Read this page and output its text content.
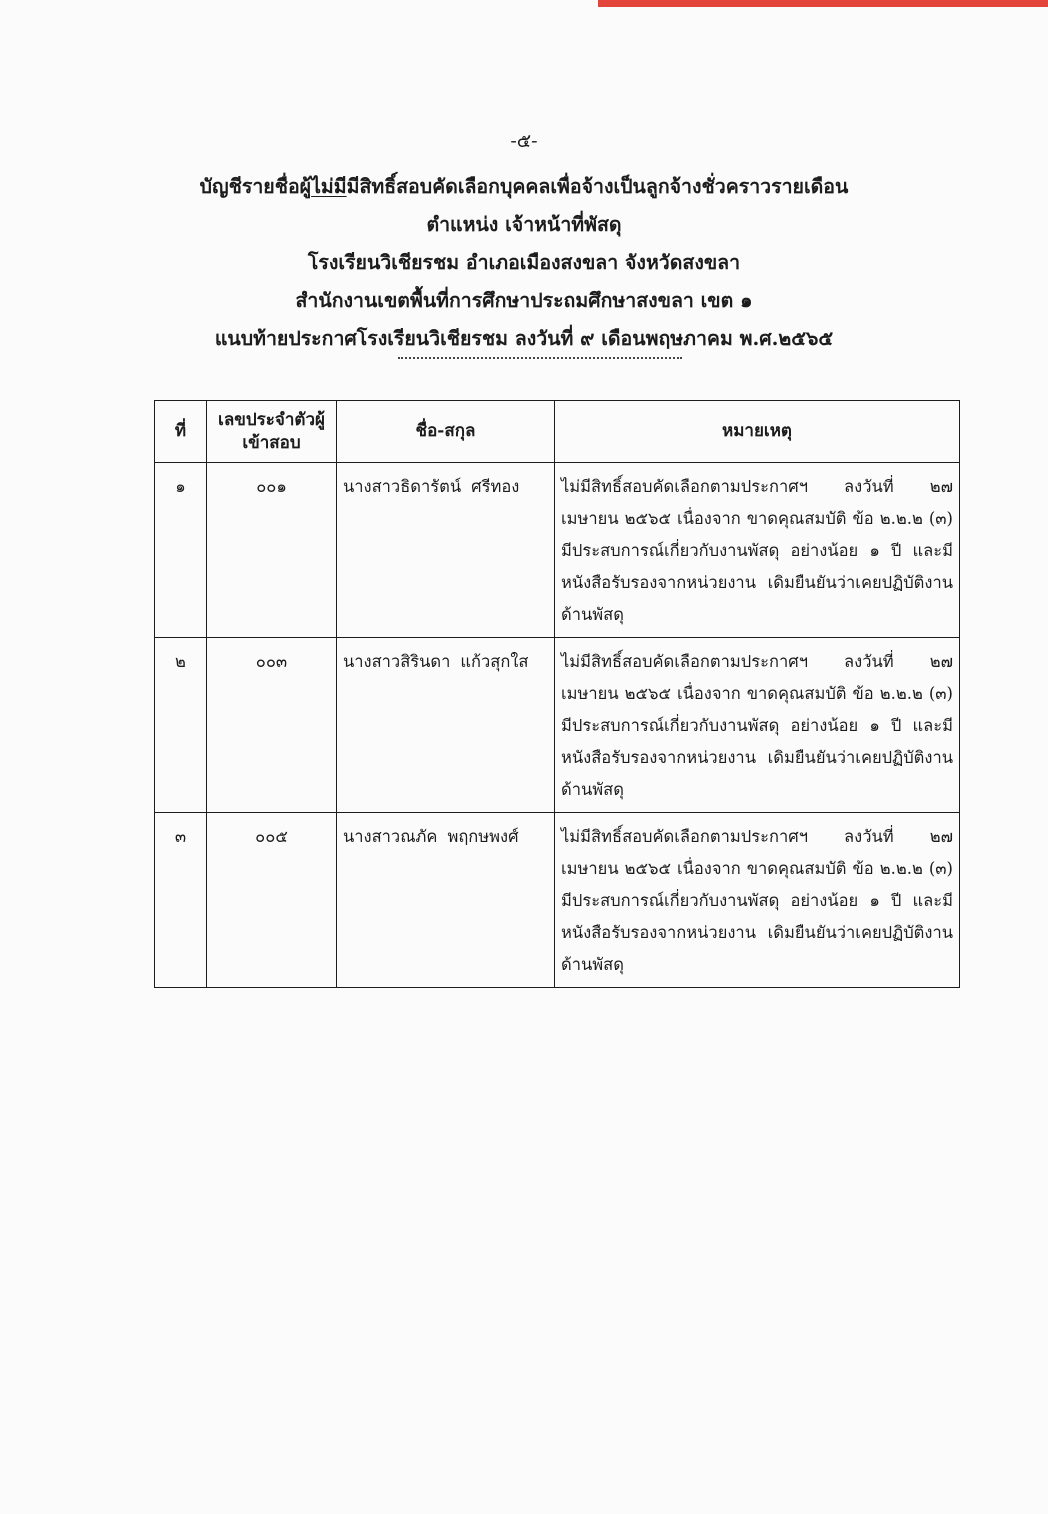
-๕-
บัญชีรายชื่อผู้ไม่มีมีสิทธิ์สอบคัดเลือกบุคคลเพื่อจ้างเป็นลูกจ้างชั่วคราวรายเดือน
ตำแหน่ง เจ้าหน้าที่พัสดุ
โรงเรียนวิเชียรชม อำเภอเมืองสงขลา จังหวัดสงขลา
สำนักงานเขตพื้นที่การศึกษาประถมศึกษาสงขลา เขต ๑
แนบท้ายประกาศโรงเรียนวิเชียรชม ลงวันที่ ๙ เดือนพฤษภาคม พ.ศ.๒๕๖๕
ที่	เลขประจำตัวผู้เข้าสอบ	ชื่อ-สกุล	หมายเหตุ
๑	๐๐๑	นางสาวธิดารัตน์ ศรีทอง	ไม่มีสิทธิ์สอบคัดเลือกตามประกาศฯ ลงวันที่ ๒๗ เมษายน ๒๕๖๕ เนื่องจาก ขาดคุณสมบัติ ข้อ ๒.๒.๒ (๓) มีประสบการณ์เกี่ยวกับงานพัสดุ อย่างน้อย ๑ ปี และมีหนังสือรับรองจากหน่วยงาน เดิมยืนยันว่าเคยปฏิบัติงานด้านพัสดุ
๒	๐๐๓	นางสาวสิรินดา แก้วสุกใส	ไม่มีสิทธิ์สอบคัดเลือกตามประกาศฯ ลงวันที่ ๒๗ เมษายน ๒๕๖๕ เนื่องจาก ขาดคุณสมบัติ ข้อ ๒.๒.๒ (๓) มีประสบการณ์เกี่ยวกับงานพัสดุ อย่างน้อย ๑ ปี และมีหนังสือรับรองจากหน่วยงาน เดิมยืนยันว่าเคยปฏิบัติงานด้านพัสดุ
๓	๐๐๕	นางสาวณภัค พฤกษพงศ์	ไม่มีสิทธิ์สอบคัดเลือกตามประกาศฯ ลงวันที่ ๒๗ เมษายน ๒๕๖๕ เนื่องจาก ขาดคุณสมบัติ ข้อ ๒.๒.๒ (๓) มีประสบการณ์เกี่ยวกับงานพัสดุ อย่างน้อย ๑ ปี และมีหนังสือรับรองจากหน่วยงาน เดิมยืนยันว่าเคยปฏิบัติงานด้านพัสดุ
